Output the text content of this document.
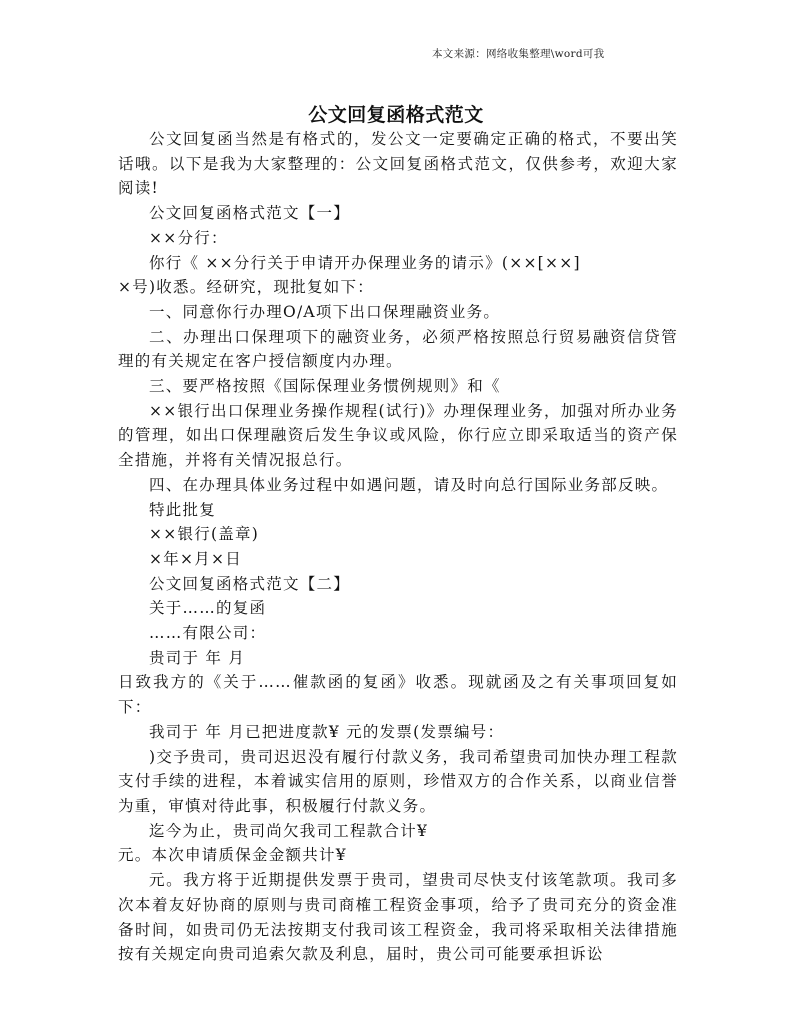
本文来源：网络收集整理\word可我
公文回复函格式范文

公文回复函当然是有格式的，发公文一定要确定正确的格式，不要出笑话哦。以下是我为大家整理的：公文回复函格式范文，仅供参考，欢迎大家阅读!

公文回复函格式范文【一】

××分行：

你行《 ××分行关于申请开办保理业务的请示》(××[××]

×号)收悉。经研究，现批复如下：

一、同意你行办理O/A项下出口保理融资业务。

二、办理出口保理项下的融资业务，必须严格按照总行贸易融资信贷管理的有关规定在客户授信额度内办理。

三、要严格按照《国际保理业务惯例规则》和《

××银行出口保理业务操作规程(试行)》办理保理业务，加强对所办业务的管理，如出口保理融资后发生争议或风险，你行应立即采取适当的资产保全措施，并将有关情况报总行。

四、在办理具体业务过程中如遇问题，请及时向总行国际业务部反映。

特此批复

××银行(盖章)

×年×月×日

公文回复函格式范文【二】

关于……的复函

……有限公司：

贵司于 年 月

日致我方的《关于……催款函的复函》收悉。现就函及之有关事项回复如下：

我司于 年 月已把进度款¥ 元的发票(发票编号：

)交予贵司，贵司迟迟没有履行付款义务，我司希望贵司加快办理工程款支付手续的进程，本着诚实信用的原则，珍惜双方的合作关系，以商业信誉为重，审慎对待此事，积极履行付款义务。

迄今为止，贵司尚欠我司工程款合计¥

元。本次申请质保金金额共计¥

元。我方将于近期提供发票于贵司，望贵司尽快支付该笔款项。我司多次本着友好协商的原则与贵司商榷工程资金事项，给予了贵司充分的资金准备时间，如贵司仍无法按期支付我司该工程资金，我司将采取相关法律措施按有关规定向贵司追索欠款及利息，届时，贵公司可能要承担诉讼
